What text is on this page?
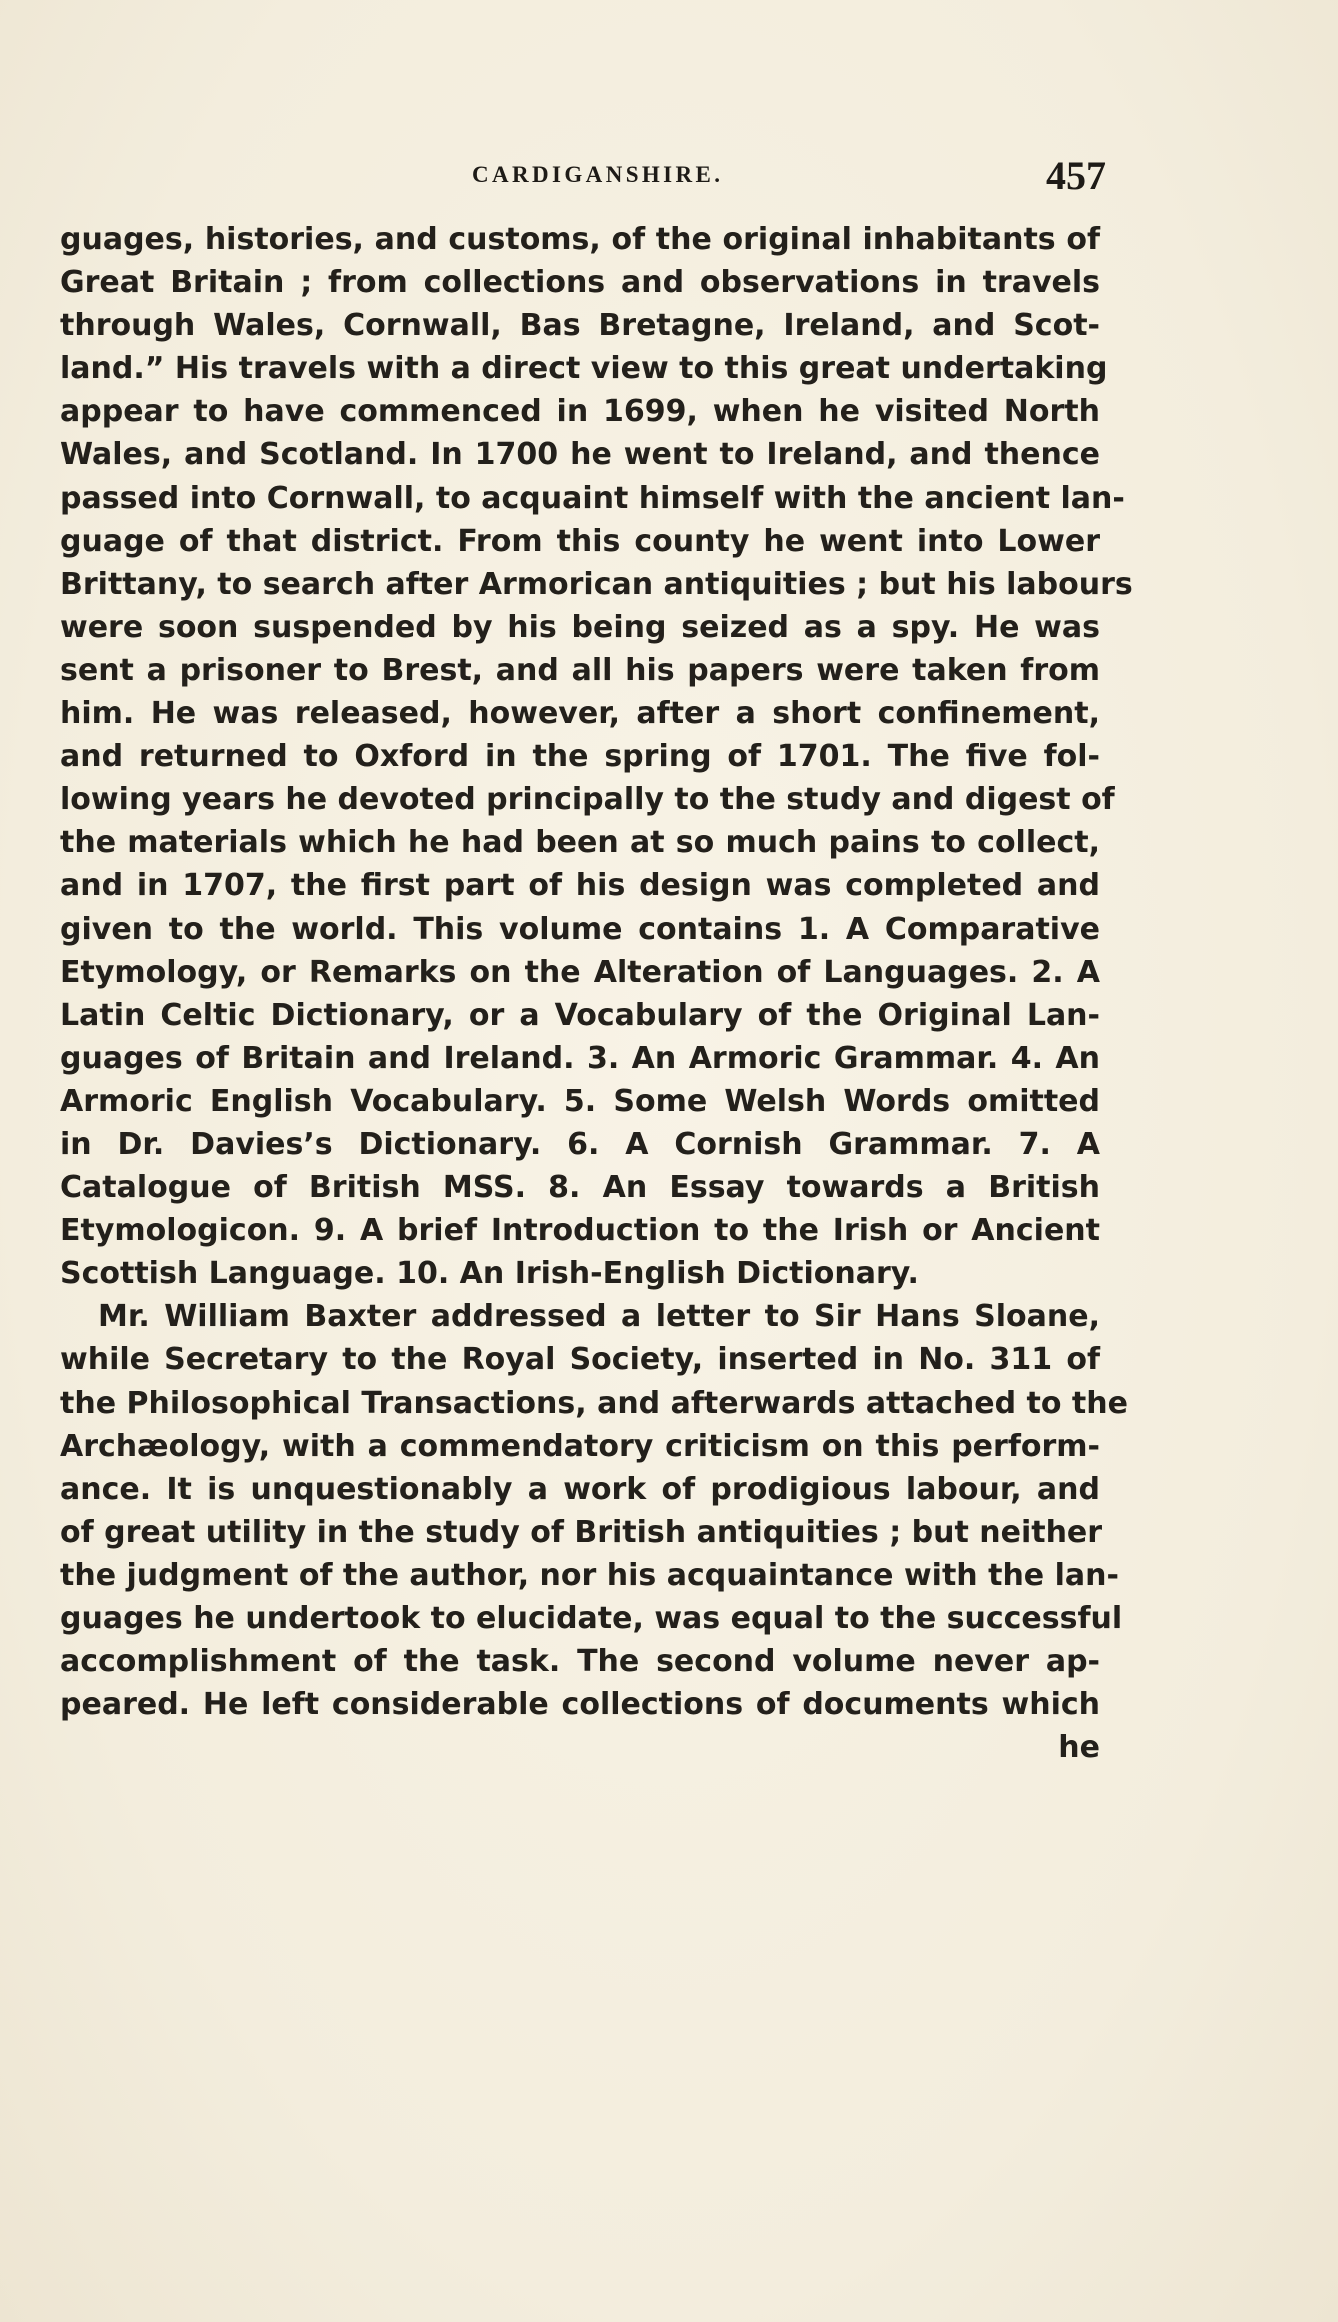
CARDIGANSHIRE.	457
guages, histories, and customs, of the original inhabitants of
Great Britain ; from collections and observations in travels
through Wales, Cornwall, Bas Bretagne, Ireland, and Scot-
land.” His travels with a direct view to this great undertaking
appear to have commenced in 1699, when he visited North
Wales, and Scotland. In 1700 he went to Ireland, and thence
passed into Cornwall, to acquaint himself with the ancient lan-
guage of that district. From this county he went into Lower
Brittany, to search after Armorican antiquities ; but his labours
were soon suspended by his being seized as a spy. He was
sent a prisoner to Brest, and all his papers were taken from
him. He was released, however, after a short confinement,
and returned to Oxford in the spring of 1701. The five fol-
lowing years he devoted principally to the study and digest of
the materials which he had been at so much pains to collect,
and in 1707, the first part of his design was completed and
given to the world. This volume contains 1. A Comparative
Etymology, or Remarks on the Alteration of Languages. 2. A
Latin Celtic Dictionary, or a Vocabulary of the Original Lan-
guages of Britain and Ireland. 3. An Armoric Grammar. 4. An
Armoric English Vocabulary. 5. Some Welsh Words omitted
in Dr. Davies’s Dictionary. 6. A Cornish Grammar. 7. A
Catalogue of British MSS. 8. An Essay towards a British
Etymologicon. 9. A brief Introduction to the Irish or Ancient
Scottish Language. 10. An Irish-English Dictionary.
Mr. William Baxter addressed a letter to Sir Hans Sloane,
while Secretary to the Royal Society, inserted in No. 311 of
the Philosophical Transactions, and afterwards attached to the
Archæology, with a commendatory criticism on this perform-
ance. It is unquestionably a work of prodigious labour, and
of great utility in the study of British antiquities ; but neither
the judgment of the author, nor his acquaintance with the lan-
guages he undertook to elucidate, was equal to the successful
accomplishment of the task. The second volume never ap-
peared. He left considerable collections of documents which
he
